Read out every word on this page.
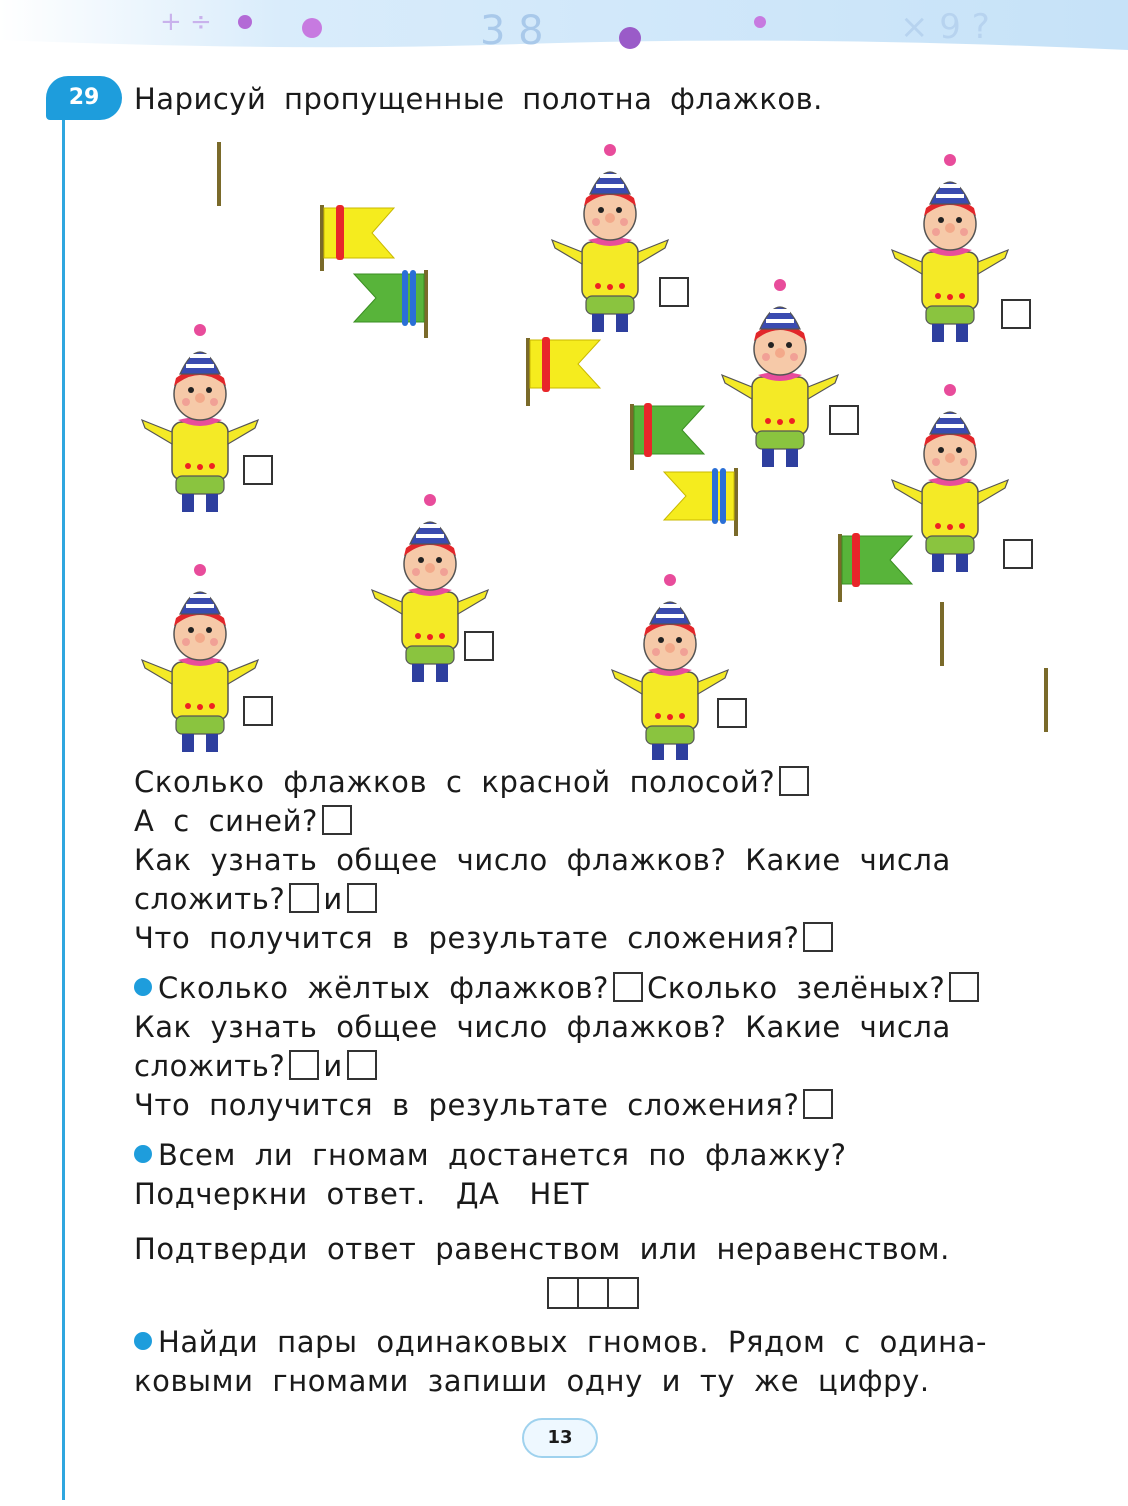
3 8	× 9 ?
+ ÷
29	Нарисуй пропущенные полотна флажков.
Сколько флажков с красной полосой?
А с синей?
Как узнать общее число флажков? Какие числа
сложить? и
Что получится в результате сложения?
Сколько жёлтых флажков? Сколько зелёных?
Как узнать общее число флажков? Какие числа
сложить? и
Что получится в результате сложения?
Всем ли гномам достанется по флажку?
Подчеркни ответ. ДА НЕТ
Подтверди ответ равенством или неравенством.
Найди пары одинаковых гномов. Рядом с одина-
ковыми гномами запиши одну и ту же цифру.
13
